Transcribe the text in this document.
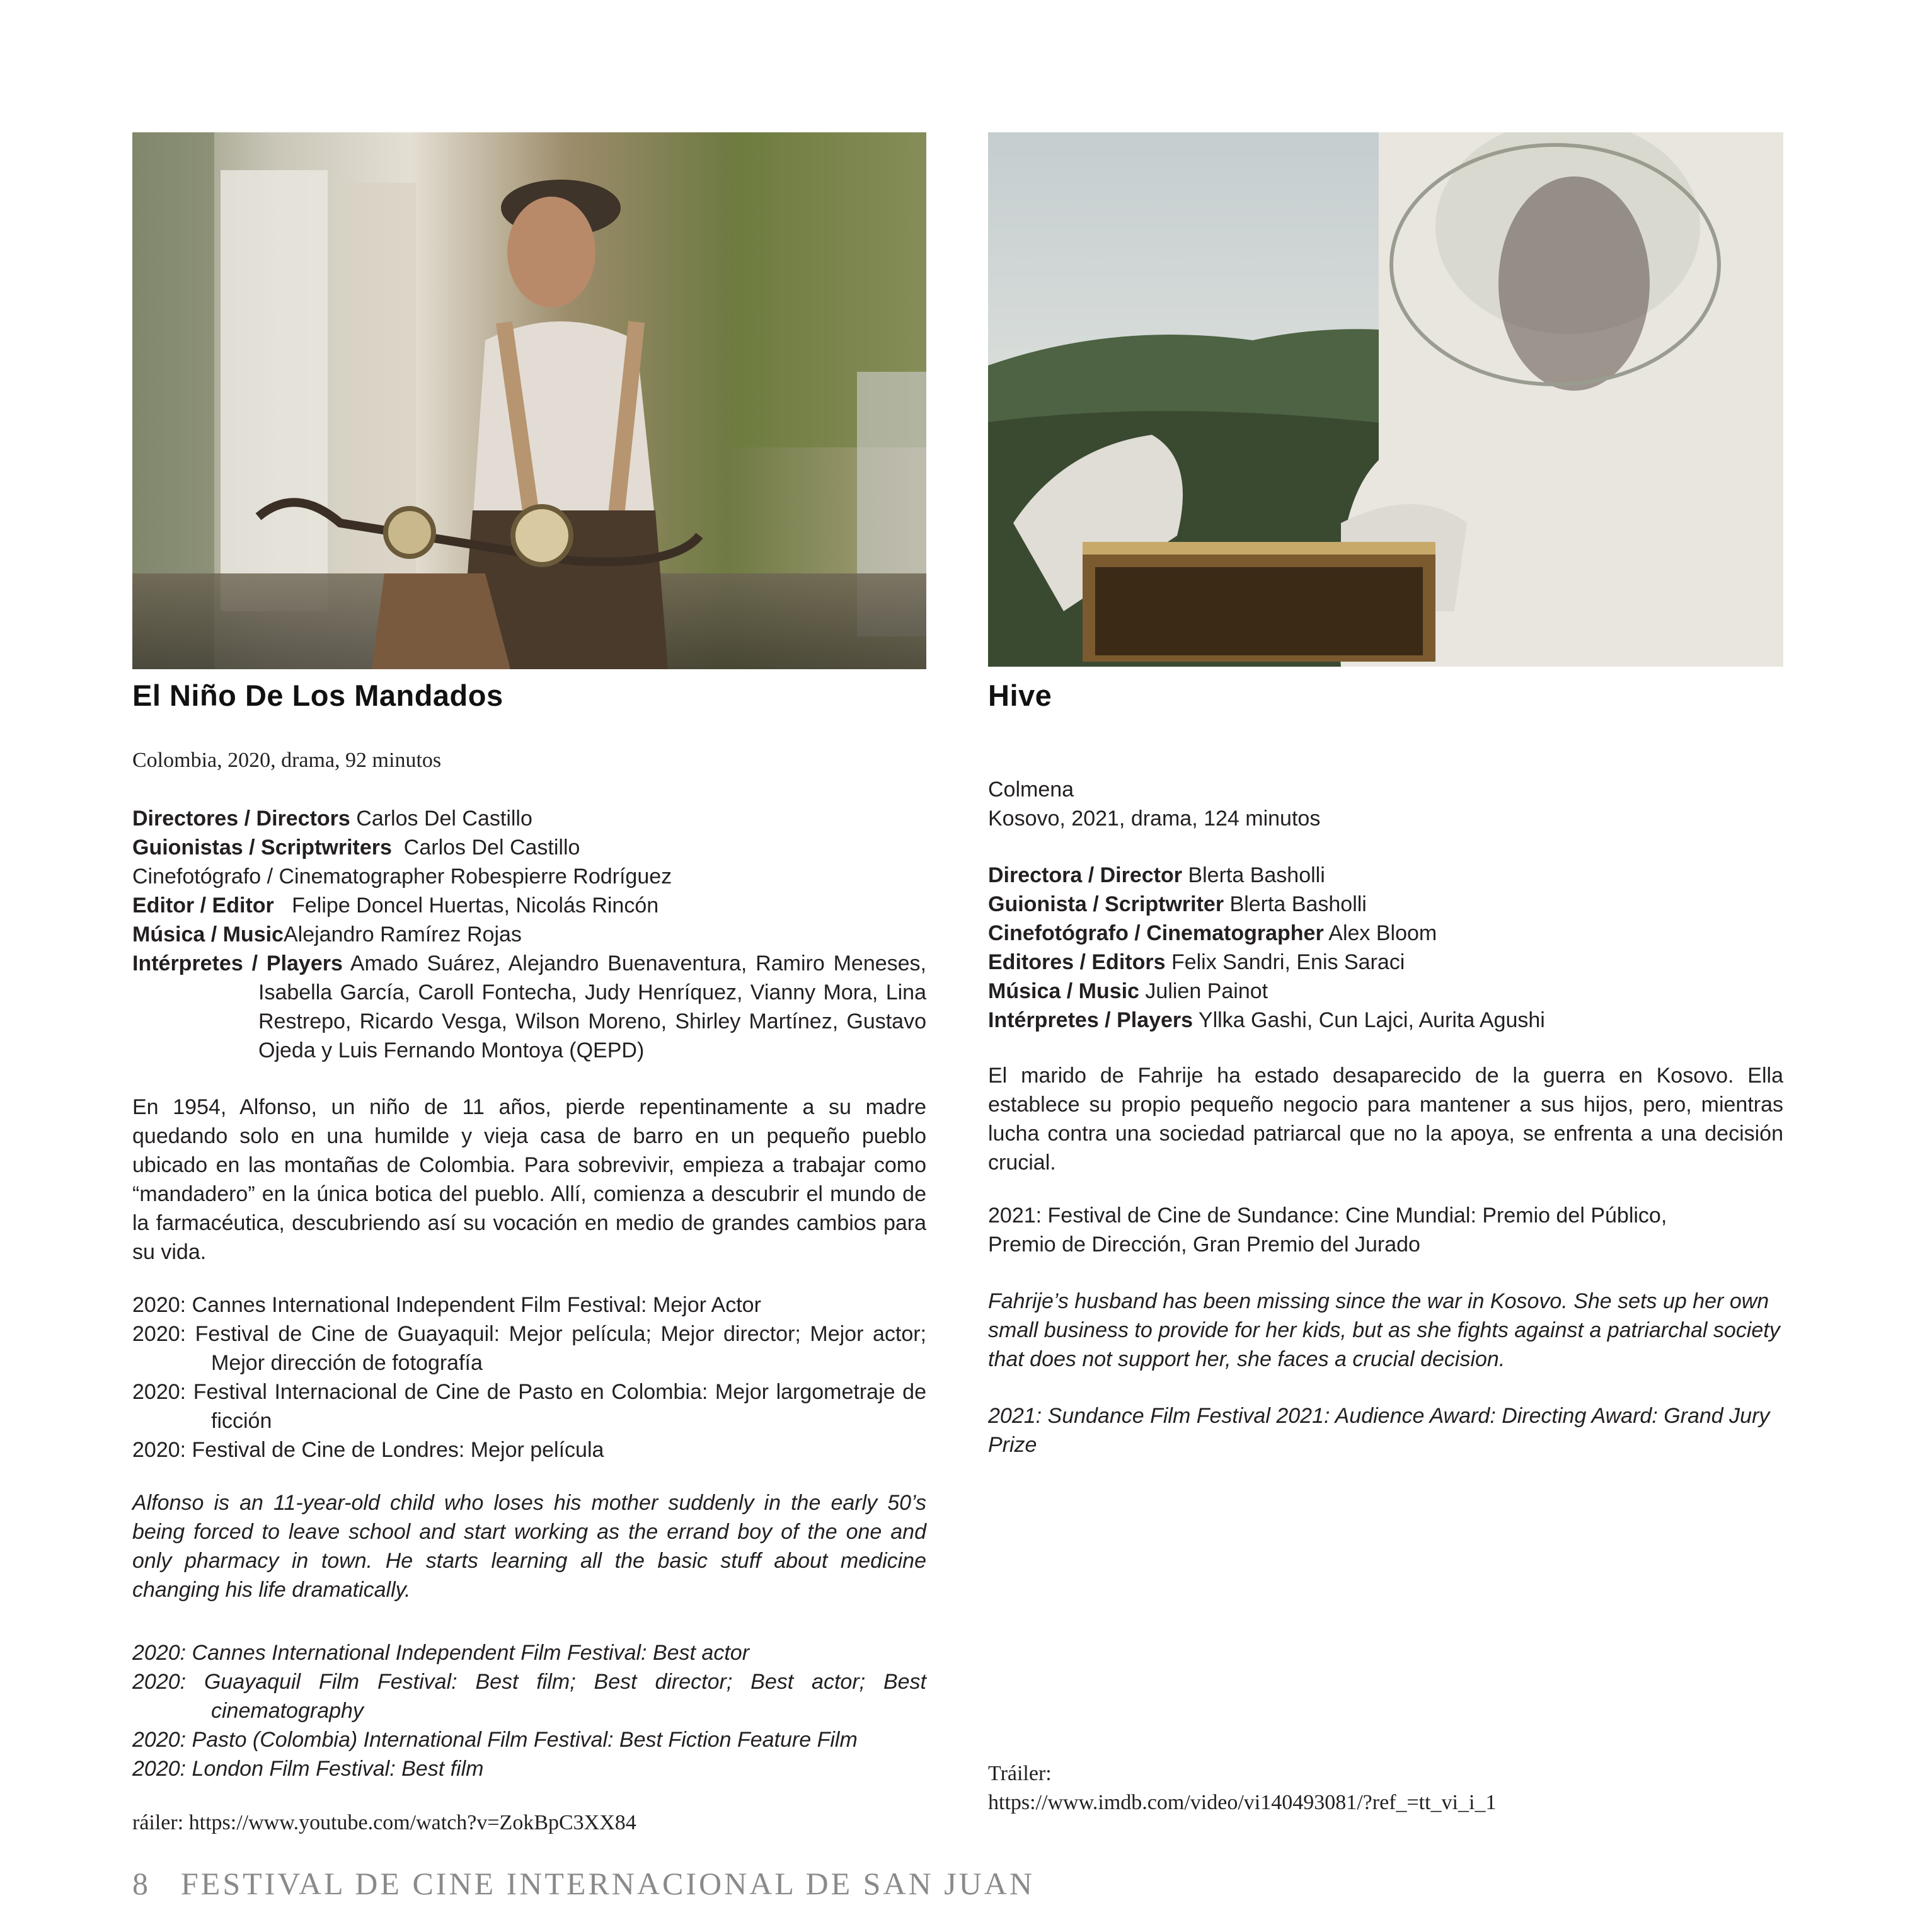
El Niño De Los Mandados

Colombia, 2020, drama, 92 minutos

Directores / Directors Carlos Del Castillo
Guionistas / Scriptwriters  Carlos Del Castillo
Cinefotógrafo / Cinematographer Robespierre Rodríguez
Editor / Editor   Felipe Doncel Huertas, Nicolás Rincón
Música / MusicAlejandro Ramírez Rojas
Intérpretes / Players Amado Suárez, Alejandro Buenaventura, Ramiro Meneses, Isabella García, Caroll Fontecha, Judy Henríquez, Vianny Mora, Lina Restrepo, Ricardo Vesga, Wilson Moreno, Shirley Martínez, Gustavo Ojeda y Luis Fernando Montoya (QEPD)

En 1954, Alfonso, un niño de 11 años, pierde repentinamente a su madre quedando solo en una humilde y vieja casa de barro en un pequeño pueblo ubicado en las montañas de Colombia. Para sobrevivir, empieza a trabajar como “mandadero” en la única botica del pueblo. Allí, comienza a descubrir el mundo de la farmacéutica, descubriendo así su vocación en medio de grandes cambios para su vida.

2020: Cannes International Independent Film Festival: Mejor Actor
2020: Festival de Cine de Guayaquil: Mejor película; Mejor director; Mejor actor; Mejor dirección de fotografía
2020: Festival Internacional de Cine de Pasto en Colombia: Mejor largometraje de ficción
2020: Festival de Cine de Londres: Mejor película

Alfonso is an 11-year-old child who loses his mother suddenly in the early 50’s being forced to leave school and start working as the errand boy of the one and only pharmacy in town. He starts learning all the basic stuff about medicine changing his life dramatically.

2020: Cannes International Independent Film Festival: Best actor
2020: Guayaquil Film Festival: Best film; Best director; Best actor; Best cinematography
2020: Pasto (Colombia) International Film Festival: Best Fiction Feature Film
2020: London Film Festival: Best film

ráiler: https://www.youtube.com/watch?v=ZokBpC3XX84

Hive
Colmena
Kosovo, 2021, drama, 124 minutos
Directora / Director Blerta Basholli
Guionista / Scriptwriter Blerta Basholli
Cinefotógrafo / Cinematographer Alex Bloom
Editores / Editors Felix Sandri, Enis Saraci
Música / Music Julien Painot
Intérpretes / Players Yllka Gashi, Cun Lajci, Aurita Agushi

El marido de Fahrije ha estado desaparecido de la guerra en Kosovo. Ella establece su propio pequeño negocio para mantener a sus hijos, pero, mientras lucha contra una sociedad patriarcal que no la apoya, se enfrenta a una decisión crucial.

2021: Festival de Cine de Sundance: Cine Mundial: Premio del Público, Premio de Dirección, Gran Premio del Jurado

Fahrije’s husband has been missing since the war in Kosovo. She sets up her own small business to provide for her kids, but as she fights against a patriarchal society that does not support her, she faces a crucial decision.

2021: Sundance Film Festival 2021: Audience Award: Directing Award: Grand Jury Prize

Tráiler:
https://www.imdb.com/video/vi140493081/?ref_=tt_vi_i_1
8 FESTIVAL DE CINE INTERNACIONAL DE SAN JUAN
